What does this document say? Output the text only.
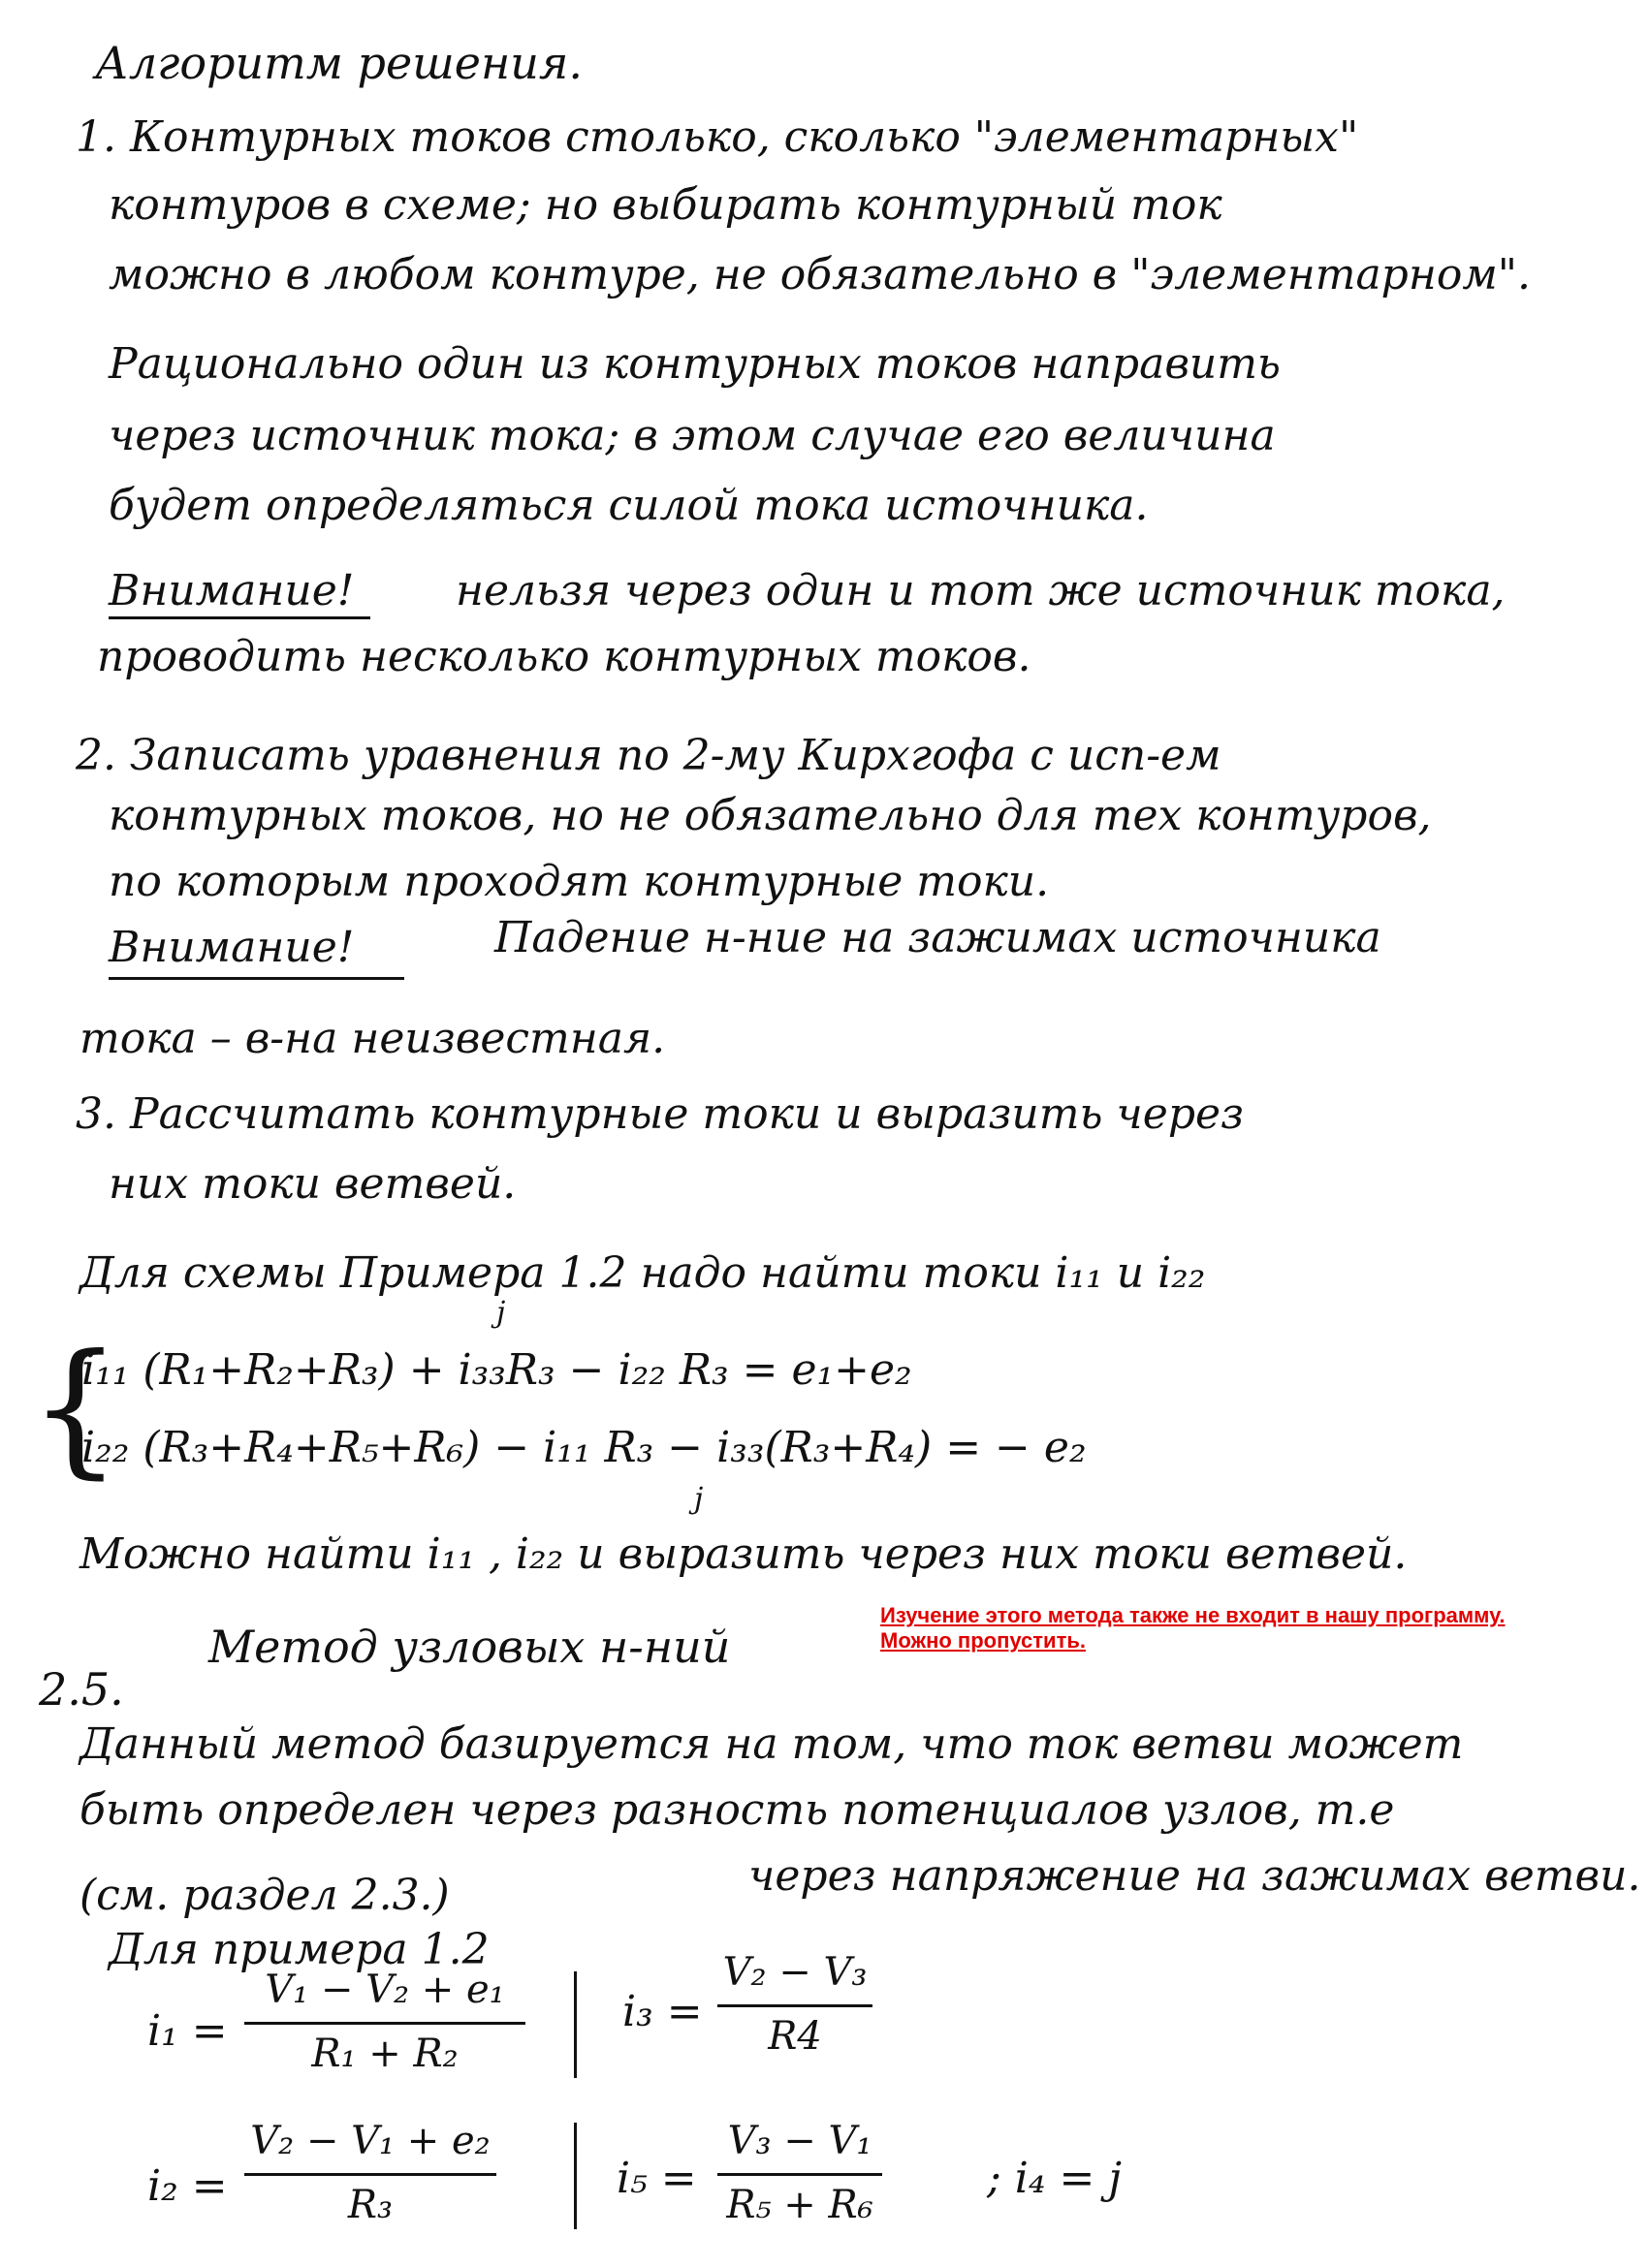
Алгоритм решения.
1. Контурных токов столько, сколько "элементарных"
контуров в схеме; но выбирать контурный ток
можно в любом контуре, не обязательно в "элементарном".
Рационально один из контурных токов направить
через источник тока; в этом случае его величина
будет определяться силой тока источника.
Внимание! нельзя через один и тот же источник тока,
проводить несколько контурных токов.
2. Записать уравнения по 2-му Кирхгофа с исп-ем
контурных токов, но не обязательно для тех контуров,
по которым проходят контурные токи.
Внимание!	Падение н-ние на зажимах источника
тока – в-на неизвестная.
3. Рассчитать контурные токи и выразить через
них токи ветвей.
Для схемы Примера 1.2 надо найти токи i₁₁ и i₂₂
j
{
i₁₁ (R₁+R₂+R₃) + i₃₃R₃ − i₂₂ R₃ = e₁+e₂
i₂₂ (R₃+R₄+R₅+R₆) − i₁₁ R₃ − i₃₃(R₃+R₄) = − e₂
j
Можно найти i₁₁ , i₂₂ и выразить через них токи ветвей.
2.5.
Метод узловых н-ний
Изучение этого метода также не входит в нашу программу. Можно пропустить.
Данный метод базируется на том, что ток ветви может
быть определен через разность потенциалов узлов, т.е
через напряжение на зажимах ветви.
(см. раздел 2.3.)
Для примера 1.2
i₁ =
V₁ − V₂ + e₁
R₁ + R₂
i₃ =
V₂ − V₃
R4
i₂ =
V₂ − V₁ + e₂
R₃
i₅ =
V₃ − V₁
R₅ + R₆
; i₄ = j
